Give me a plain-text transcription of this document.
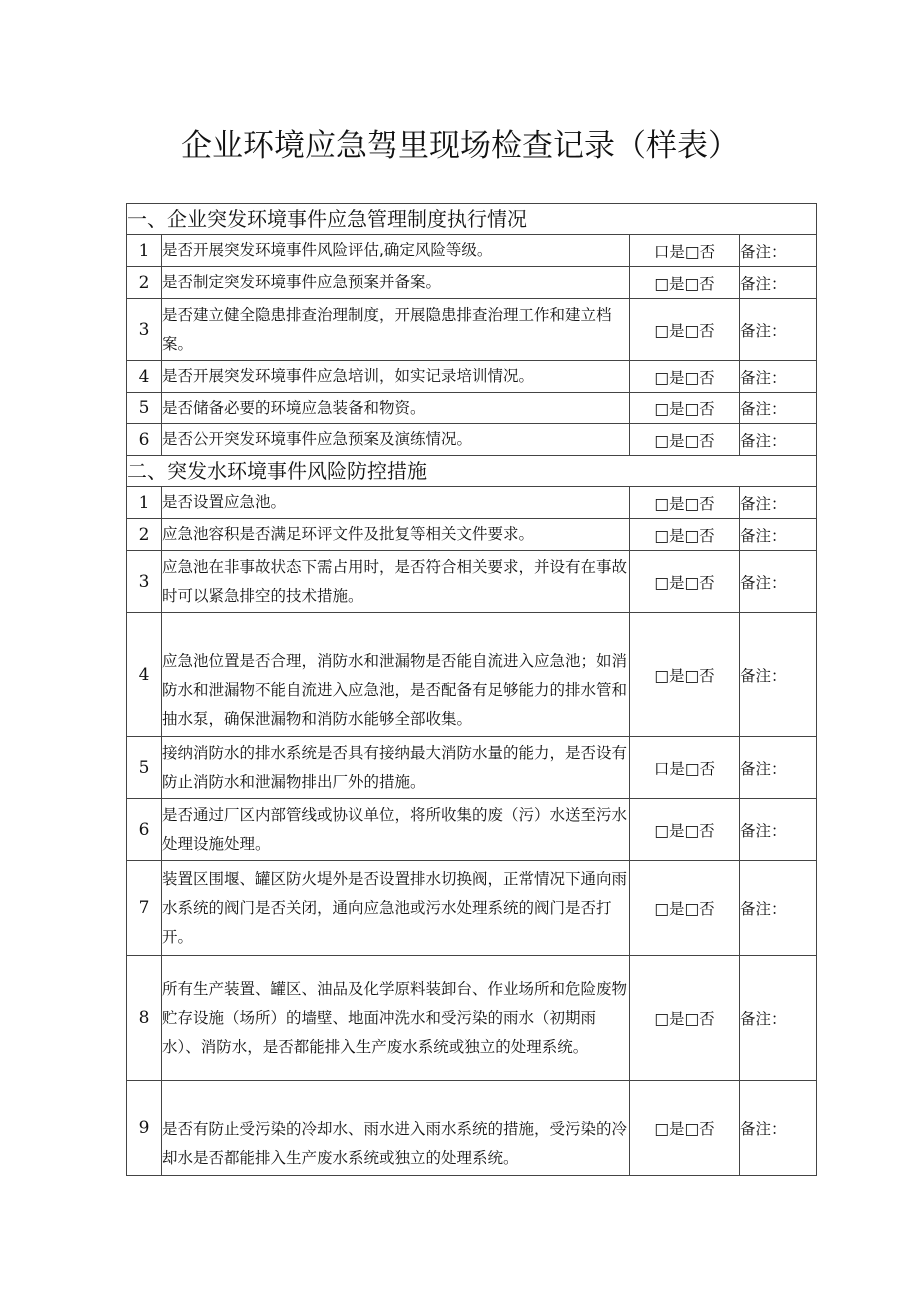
企业环境应急驾里现场检查记录（样表）
一、企业突发环境事件应急管理制度执行情况			
1	是否开展突发环境事件风险评估,确定风险等级。	口是□否	备注：
2	是否制定突发环境事件应急预案并备案。	□是□否	备注：
3	是否建立健全隐患排查治理制度，开展隐患排查治理工作和建立档案。	□是□否	备注：
4	是否开展突发环境事件应急培训，如实记录培训情况。	□是□否	备注：
5	是否储备必要的环境应急装备和物资。	□是□否	备注：
6	是否公开突发环境事件应急预案及演练情况。	□是□否	备注：
二、突发水环境事件风险防控措施			
1	是否设置应急池。	□是□否	备注：
2	应急池容积是否满足环评文件及批复等相关文件要求。	□是□否	备注：
3	应急池在非事故状态下需占用时，是否符合相关要求，并设有在事故时可以紧急排空的技术措施。	□是□否	备注：
4	应急池位置是否合理，消防水和泄漏物是否能自流进入应急池；如消防水和泄漏物不能自流进入应急池，是否配备有足够能力的排水管和抽水泵，确保泄漏物和消防水能够全部收集。	□是□否	备注：
5	接纳消防水的排水系统是否具有接纳最大消防水量的能力，是否设有防止消防水和泄漏物排出厂外的措施。	口是□否	备注：
6	是否通过厂区内部管线或协议单位，将所收集的废（污）水送至污水处理设施处理。	□是□否	备注：
7	装置区围堰、罐区防火堤外是否设置排水切换阀，正常情况下通向雨水系统的阀门是否关闭，通向应急池或污水处理系统的阀门是否打开。	□是□否	备注：
8	所有生产装置、罐区、油品及化学原料装卸台、作业场所和危险废物贮存设施（场所）的墙壁、地面冲洗水和受污染的雨水（初期雨水）、消防水，是否都能排入生产废水系统或独立的处理系统。	□是□否	备注：
9	是否有防止受污染的冷却水、雨水进入雨水系统的措施，受污染的冷却水是否都能排入生产废水系统或独立的处理系统。	□是□否	备注：
